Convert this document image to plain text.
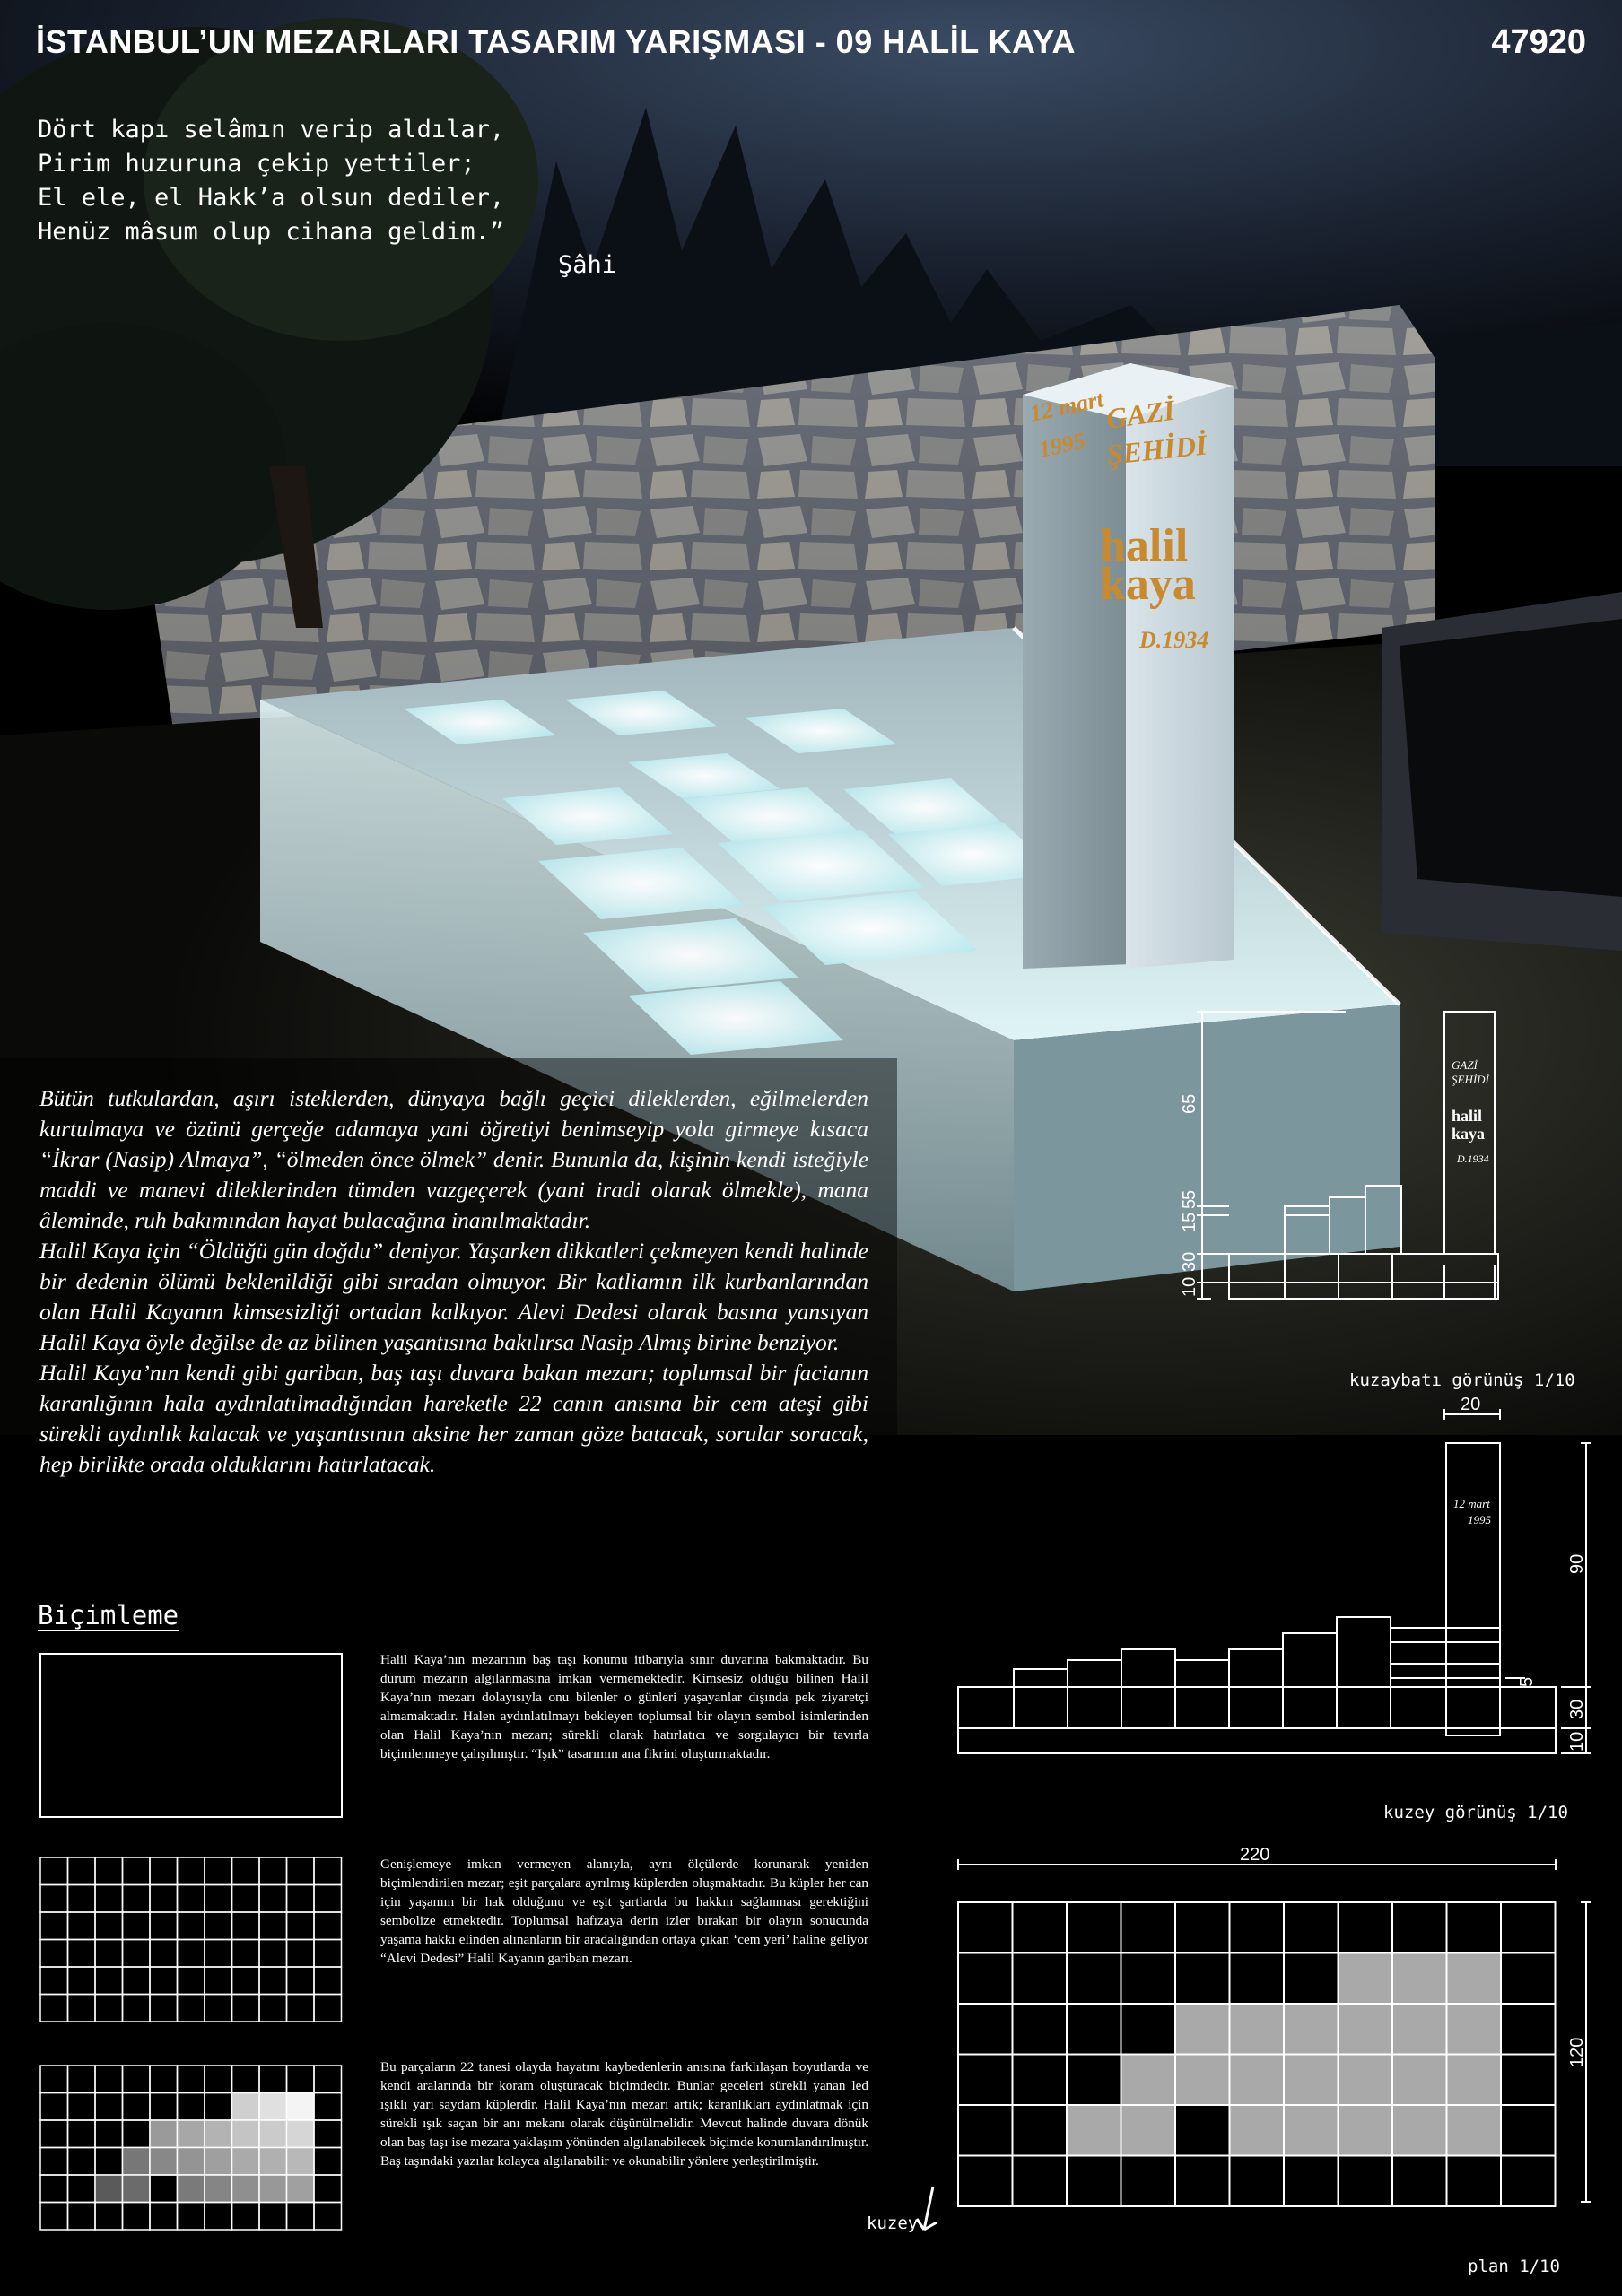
12 mart
1995
GAZİ
ŞEHİDİ
halil
kaya
D.1934
İSTANBUL’UN MEZARLARI TASARIM YARIŞMASI - 09 HALİL KAYA	47920
Dört kapı selâmın verip aldılar,
Pirim huzuruna çekip yettiler;
El ele, el Hakk’a olsun dediler,
Henüz mâsum olup cihana geldim.”
Şâhi

Bütün tutkulardan, aşırı isteklerden, dünyaya bağlı geçici dileklerden, eğilmelerden kurtulmaya ve özünü gerçeğe adamaya yani öğretiyi benimseyip yola girmeye kısaca “İkrar (Nasip) Almaya”, “ölmeden önce ölmek” denir. Bununla da, kişinin kendi isteğiyle maddi ve manevi dileklerinden tümden vazgeçerek (yani iradi olarak ölmekle), mana âleminde, ruh bakımından hayat bulacağına inanılmaktadır.

Halil Kaya için “Öldüğü gün doğdu” deniyor. Yaşarken dikkatleri çekmeyen kendi halinde bir dedenin ölümü beklenildiği gibi sıradan olmuyor. Bir katliamın ilk kurbanlarından olan Halil Kayanın kimsesizliği ortadan kalkıyor. Alevi Dedesi olarak basına yansıyan Halil Kaya öyle değilse de az bilinen yaşantısına bakılırsa Nasip Almış birine benziyor.

Halil Kaya’nın kendi gibi gariban, baş taşı duvara bakan mezarı; toplumsal bir facianın karanlığının hala aydınlatılmadığından hareketle 22 canın anısına bir cem ateşi gibi sürekli aydınlık kalacak ve yaşantısının aksine her zaman göze batacak, sorular soracak, hep birlikte orada olduklarını hatırlatacak.

65
15
5
5
30
10
GAZİ
ŞEHİDİ
halil
kaya
D.1934
kuzaybatı görünüş 1/10
20
90
5
30
10
12 mart
1995
kuzey görünüş 1/10
220
120
plan 1/10
kuzey
Biçimleme
Halil Kaya’nın mezarının baş taşı konumu itibarıyla sınır duvarına bakmaktadır. Bu durum mezarın algılanmasına imkan vermemektedir. Kimsesiz olduğu bilinen Halil Kaya’nın mezarı dolayısıyla onu bilenler o günleri yaşayanlar dışında pek ziyaretçi almamaktadır. Halen aydınlatılmayı bekleyen toplumsal bir olayın sembol isimlerinden olan Halil Kaya’nın mezarı; sürekli olarak hatırlatıcı ve sorgulayıcı bir tavırla biçimlenmeye çalışılmıştır. “Işık” tasarımın ana fikrini oluşturmaktadır.
Genişlemeye imkan vermeyen alanıyla, aynı ölçülerde korunarak yeniden biçimlendirilen mezar; eşit parçalara ayrılmış küplerden oluşmaktadır. Bu küpler her can için yaşamın bir hak olduğunu ve eşit şartlarda bu hakkın sağlanması gerektiğini sembolize etmektedir. Toplumsal hafızaya derin izler bırakan bir olayın sonucunda yaşama hakkı elinden alınanların bir aradalığından ortaya çıkan ‘cem yeri’ haline geliyor “Alevi Dedesi” Halil Kayanın gariban mezarı.
Bu parçaların 22 tanesi olayda hayatını kaybedenlerin anısına farklılaşan boyutlarda ve kendi aralarında bir koram oluşturacak biçimdedir. Bunlar geceleri sürekli yanan led ışıklı yarı saydam küplerdir. Halil Kaya’nın mezarı artık; karanlıkları aydınlatmak için sürekli ışık saçan bir anı mekanı olarak düşünülmelidir. Mevcut halinde duvara dönük olan baş taşı ise mezara yaklaşım yönünden algılanabilecek biçimde konumlandırılmıştır. Baş taşındaki yazılar kolayca algılanabilir ve okunabilir yönlere yerleştirilmiştir.
